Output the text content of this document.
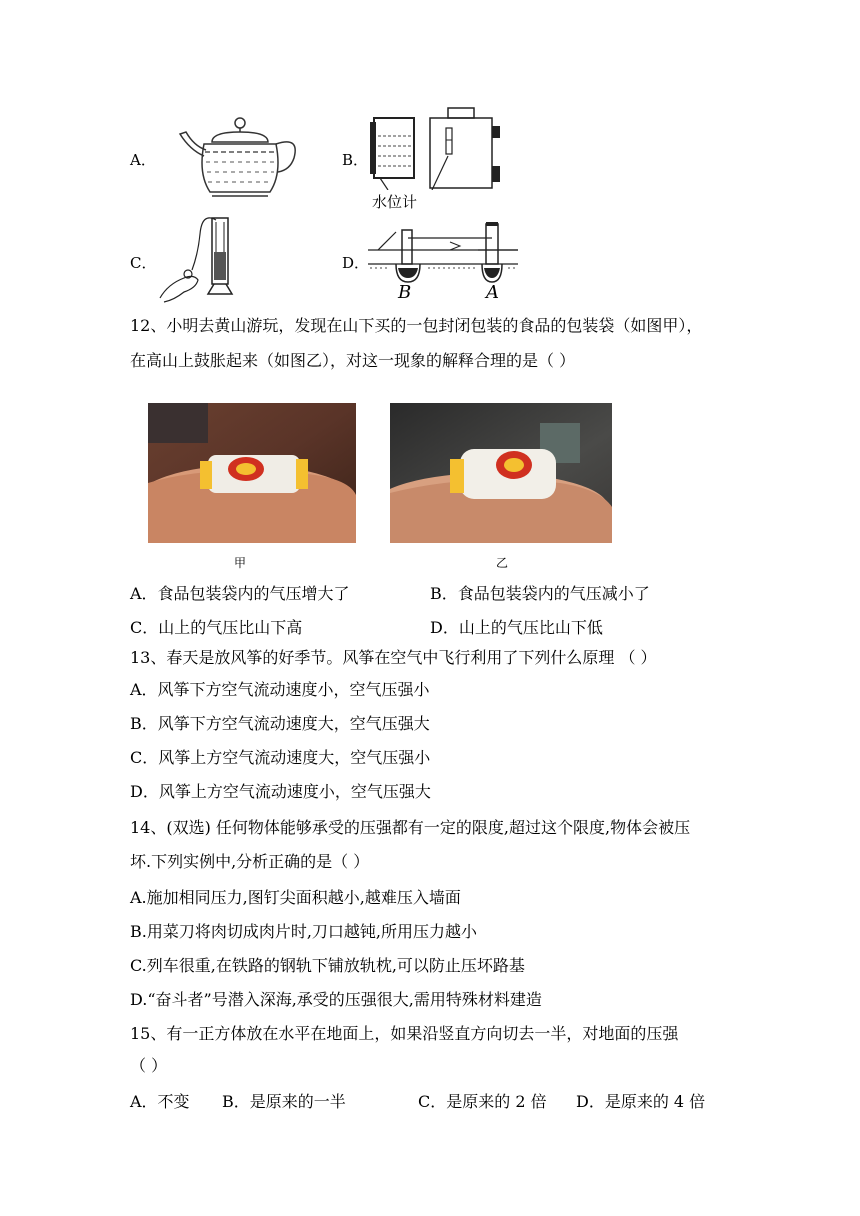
A．	B．
C．	D．
水位计
B	A
12、小明去黄山游玩，发现在山下买的一包封闭包装的食品的包装袋（如图甲），
在高山上鼓胀起来（如图乙），对这一现象的解释合理的是（ ）
甲	乙
A．食品包装袋内的气压增大了	B．食品包装袋内的气压减小了
C．山上的气压比山下高	D．山上的气压比山下低
13、春天是放风筝的好季节。风筝在空气中飞行利用了下列什么原理 （ ）
A．风筝下方空气流动速度小，空气压强小
B．风筝下方空气流动速度大，空气压强大
C．风筝上方空气流动速度大，空气压强小
D．风筝上方空气流动速度小，空气压强大
14、(双选) 任何物体能够承受的压强都有一定的限度,超过这个限度,物体会被压
坏.下列实例中,分析正确的是（ ）
A.施加相同压力,图钉尖面积越小,越难压入墙面
B.用菜刀将肉切成肉片时,刀口越钝,所用压力越小
C.列车很重,在铁路的钢轨下铺放轨枕,可以防止压坏路基
D.“奋斗者”号潜入深海,承受的压强很大,需用特殊材料建造
15、有一正方体放在水平在地面上，如果沿竖直方向切去一半，对地面的压强
（ ）
A．不变 B．是原来的一半	C．是原来的 2 倍 D．是原来的 4 倍
